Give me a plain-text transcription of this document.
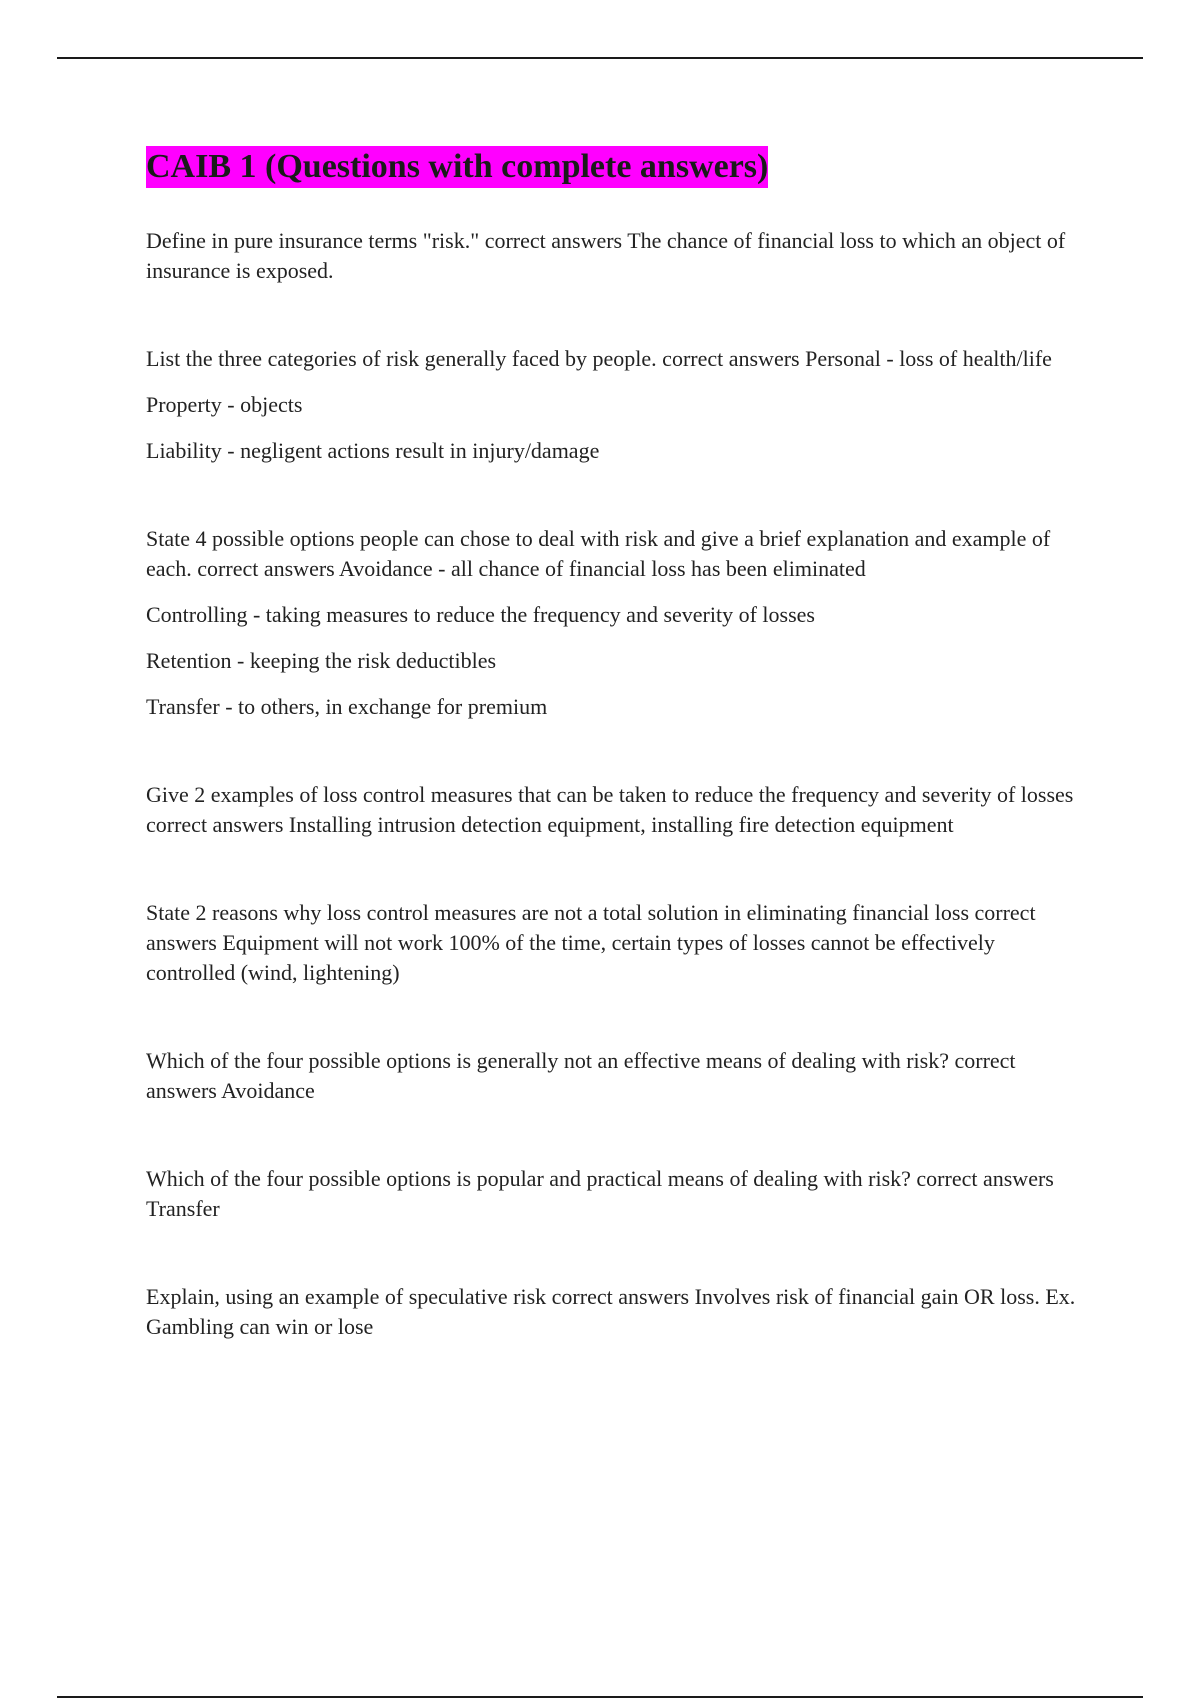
CAIB 1 (Questions with complete answers)

Define in pure insurance terms "risk." correct answers The chance of financial loss to which an object of insurance is exposed.

List the three categories of risk generally faced by people. correct answers Personal - loss of health/life

Property - objects

Liability - negligent actions result in injury/damage

State 4 possible options people can chose to deal with risk and give a brief explanation and example of each. correct answers Avoidance - all chance of financial loss has been eliminated

Controlling - taking measures to reduce the frequency and severity of losses

Retention - keeping the risk deductibles

Transfer - to others, in exchange for premium

Give 2 examples of loss control measures that can be taken to reduce the frequency and severity of losses correct answers Installing intrusion detection equipment, installing fire detection equipment

State 2 reasons why loss control measures are not a total solution in eliminating financial loss correct answers Equipment will not work 100% of the time, certain types of losses cannot be effectively controlled (wind, lightening)

Which of the four possible options is generally not an effective means of dealing with risk? correct answers Avoidance

Which of the four possible options is popular and practical means of dealing with risk? correct answers Transfer

Explain, using an example of speculative risk correct answers Involves risk of financial gain OR loss. Ex. Gambling can win or lose
